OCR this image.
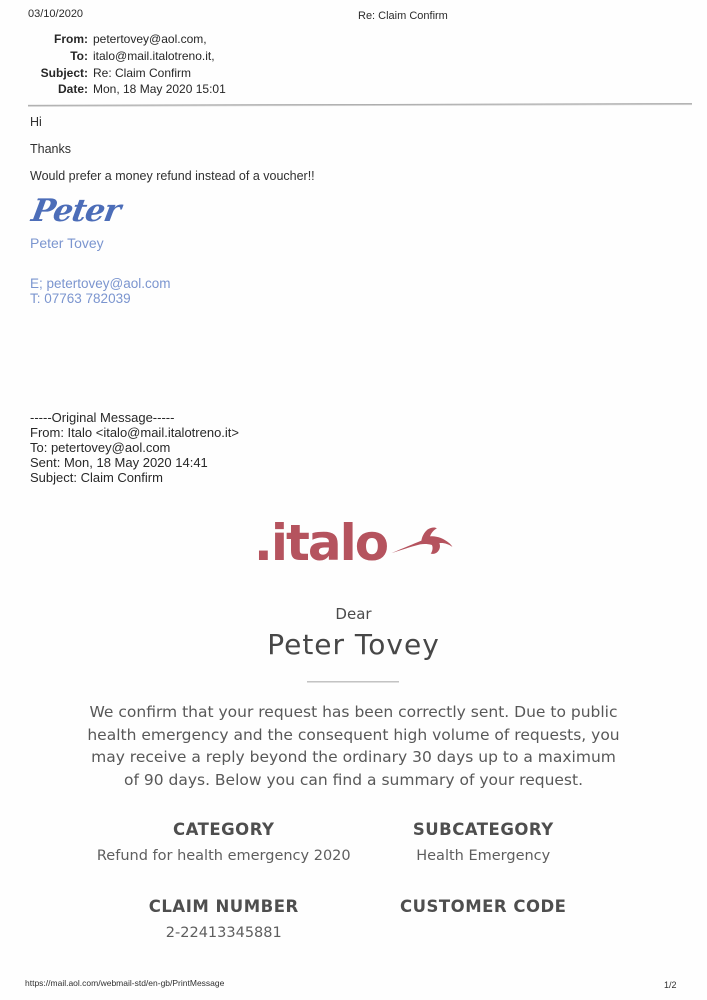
03/10/2020	Re: Claim Confirm
From:	petertovey@aol.com,
To:	italo@mail.italotreno.it,
Subject:	Re: Claim Confirm
Date:	Mon, 18 May 2020 15:01
Hi
Thanks
Would prefer a money refund instead of a voucher!!
Peter
Peter Tovey
E; petertovey@aol.com
T: 07763 782039
-----Original Message-----
From: Italo <italo@mail.italotreno.it>
To: petertovey@aol.com
Sent: Mon, 18 May 2020 14:41
Subject: Claim Confirm
.italo
Dear
Peter Tovey
We confirm that your request has been correctly sent. Due to public health emergency and the consequent high volume of requests, you may receive a reply beyond the ordinary 30 days up to a maximum of 90 days. Below you can find a summary of your request.
CATEGORY
Refund for health emergency 2020
SUBCATEGORY
Health Emergency
CLAIM NUMBER
2-22413345881
CUSTOMER CODE
https://mail.aol.com/webmail-std/en-gb/PrintMessage	1/2
